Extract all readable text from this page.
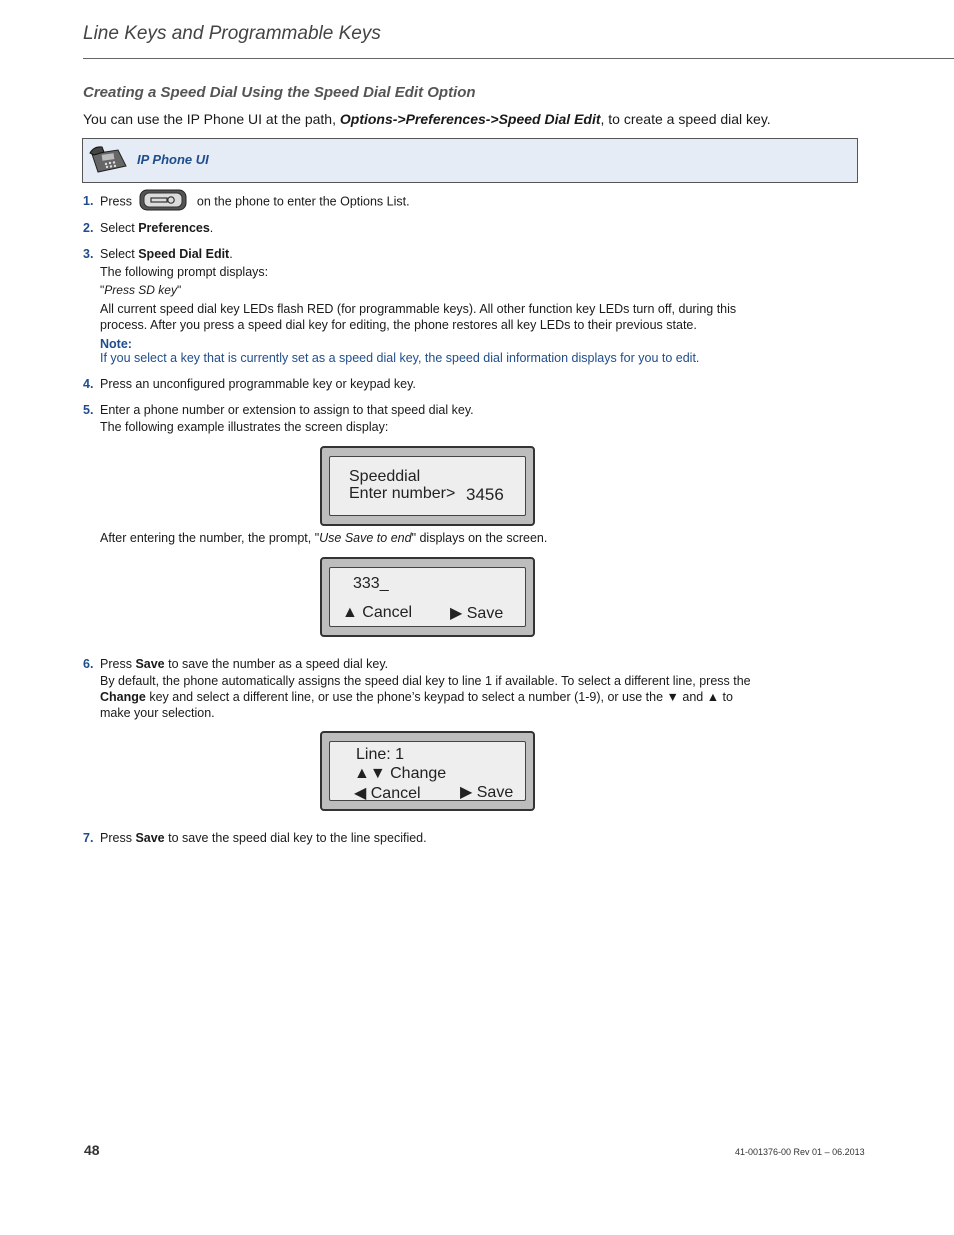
Line Keys and Programmable Keys
Creating a Speed Dial Using the Speed Dial Edit Option
You can use the IP Phone UI at the path, Options->Preferences->Speed Dial Edit, to create a speed dial key.
IP Phone UI
1. Press	on the phone to enter the Options List.
2. Select Preferences.
3. Select Speed Dial Edit.
The following prompt displays:
"Press SD key"
All current speed dial key LEDs flash RED (for programmable keys). All other function key LEDs turn off, during this process. After you press a speed dial key for editing, the phone restores all key LEDs to their previous state.
Note:
If you select a key that is currently set as a speed dial key, the speed dial information displays for you to edit.
4. Press an unconfigured programmable key or keypad key.
5. Enter a phone number or extension to assign to that speed dial key.
The following example illustrates the screen display:
Speeddial
Enter number> 3456
After entering the number, the prompt, "Use Save to end" displays on the screen.
333_
▲ Cancel ▶ Save
6. Press Save to save the number as a speed dial key.
By default, the phone automatically assigns the speed dial key to line 1 if available. To select a different line, press the Change key and select a different line, or use the phone’s keypad to select a number (1-9), or use the ▼ and ▲ to make your selection.
Line: 1
▲▼ Change
◀ Cancel ▶ Save
7. Press Save to save the speed dial key to the line specified.
48	41-001376-00 Rev 01 – 06.2013
